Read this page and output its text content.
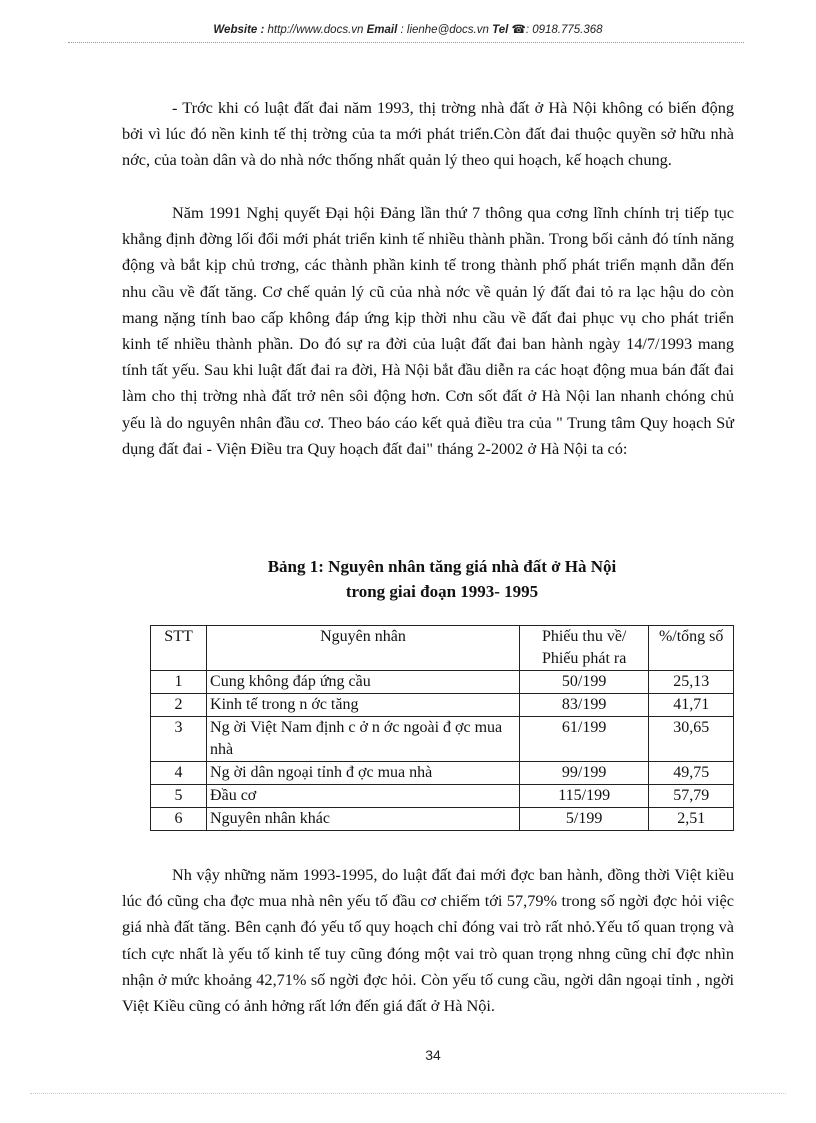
Website : http://www.docs.vn Email : lienhe@docs.vn Tel ☎: 0918.775.368

- Trớc khi có luật đất đai năm 1993, thị trờng nhà đất ở Hà Nội không có biến động bởi vì lúc đó nền kinh tế thị trờng của ta mới phát triển.Còn đất đai thuộc quyền sở hữu nhà nớc, của toàn dân và do nhà nớc thống nhất quản lý theo qui hoạch, kế hoạch chung.

Năm 1991 Nghị quyết Đại hội Đảng lần thứ 7 thông qua cơng lĩnh chính trị tiếp tục khẳng định đờng lối đổi mới phát triển kinh tế nhiều thành phần. Trong bối cảnh đó tính năng động và bắt kịp chủ trơng, các thành phần kinh tế trong thành phố phát triển mạnh dẫn đến nhu cầu về đất tăng. Cơ chế quản lý cũ của nhà nớc về quản lý đất đai tỏ ra lạc hậu do còn mang nặng tính bao cấp không đáp ứng kịp thời nhu cầu về đất đai phục vụ cho phát triển kinh tế nhiều thành phần. Do đó sự ra đời của luật đất đai ban hành ngày 14/7/1993 mang tính tất yếu. Sau khi luật đất đai ra đời, Hà Nội bắt đầu diễn ra các hoạt động mua bán đất đai làm cho thị trờng nhà đất trở nên sôi động hơn. Cơn sốt đất ở Hà Nội lan nhanh chóng chủ yếu là do nguyên nhân đầu cơ. Theo báo cáo kết quả điều tra của " Trung tâm Quy hoạch Sử dụng đất đai - Viện Điều tra Quy hoạch đất đai" tháng 2-2002 ở Hà Nội ta có:

Bảng 1: Nguyên nhân tăng giá nhà đất ở Hà Nội
trong giai đoạn 1993- 1995
STT	Nguyên nhân	Phiếu thu về/ Phiếu phát ra	%/tổng số
1	Cung không đáp ứng cầu	50/199	25,13
2	Kinh tế trong n ớc tăng	83/199	41,71
3	Ng ời Việt Nam định c ở n ớc ngoài đ ợc mua nhà	61/199	30,65
4	Ng ời dân ngoại tỉnh đ ợc mua nhà	99/199	49,75
5	Đầu cơ	115/199	57,79
6	Nguyên nhân khác	5/199	2,51

Nh vậy những năm 1993-1995, do luật đất đai mới đợc ban hành, đồng thời Việt kiều lúc đó cũng cha đợc mua nhà nên yếu tố đầu cơ chiếm tới 57,79% trong số ngời đợc hỏi việc giá nhà đất tăng. Bên cạnh đó yếu tố quy hoạch chỉ đóng vai trò rất nhỏ.Yếu tố quan trọng và tích cực nhất là yếu tố kinh tế tuy cũng đóng một vai trò quan trọng nhng cũng chỉ đợc nhìn nhận ở mức khoảng 42,71% số ngời đợc hỏi. Còn yếu tố cung cầu, ngời dân ngoại tỉnh , ngời Việt Kiều cũng có ảnh hởng rất lớn đến giá đất ở Hà Nội.

34
